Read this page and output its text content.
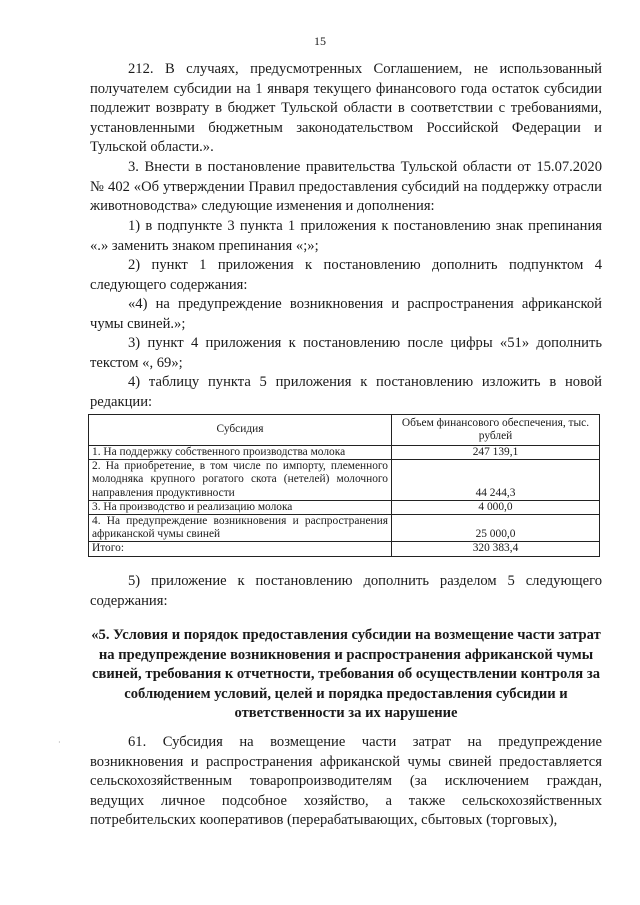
15

212. В случаях, предусмотренных Соглашением, не использованный получателем субсидии на 1 января текущего финансового года остаток субсидии подлежит возврату в бюджет Тульской области в соответствии с требованиями, установленными бюджетным законодательством Российской Федерации и Тульской области.».

3. Внести в постановление правительства Тульской области от 15.07.2020 № 402 «Об утверждении Правил предоставления субсидий на поддержку отрасли животноводства» следующие изменения и дополнения:

1) в подпункте 3 пункта 1 приложения к постановлению знак препинания «.» заменить знаком препинания «;»;

2) пункт 1 приложения к постановлению дополнить подпунктом 4 следующего содержания:

«4) на предупреждение возникновения и распространения африканской чумы свиней.»;

3) пункт 4 приложения к постановлению после цифры «51» дополнить текстом «, 69»;

4) таблицу пункта 5 приложения к постановлению изложить в новой редакции:

Субсидия	Объем финансового обеспечения, тыс. рублей
1. На поддержку собственного производства молока	247 139,1
2. На приобретение, в том числе по импорту, племенного молодняка крупного рогатого скота (нетелей) молочного направления продуктивности	44 244,3
3. На производство и реализацию молока	4 000,0
4. На предупреждение возникновения и распространения африканской чумы свиней	25 000,0
Итого:	320 383,4

5) приложение к постановлению дополнить разделом 5 следующего содержания:

«5. Условия и порядок предоставления субсидии на возмещение части затрат на предупреждение возникновения и распространения африканской чумы свиней, требования к отчетности, требования об осуществлении контроля за соблюдением условий, целей и порядка предоставления субсидии и ответственности за их нарушение

·	61. Субсидия на возмещение части затрат на предупреждение возникновения и распространения африканской чумы свиней предоставляется сельскохозяйственным товаропроизводителям (за исключением граждан, ведущих личное подсобное хозяйство, а также сельскохозяйственных потребительских кооперативов (перерабатывающих, сбытовых (торговых),
